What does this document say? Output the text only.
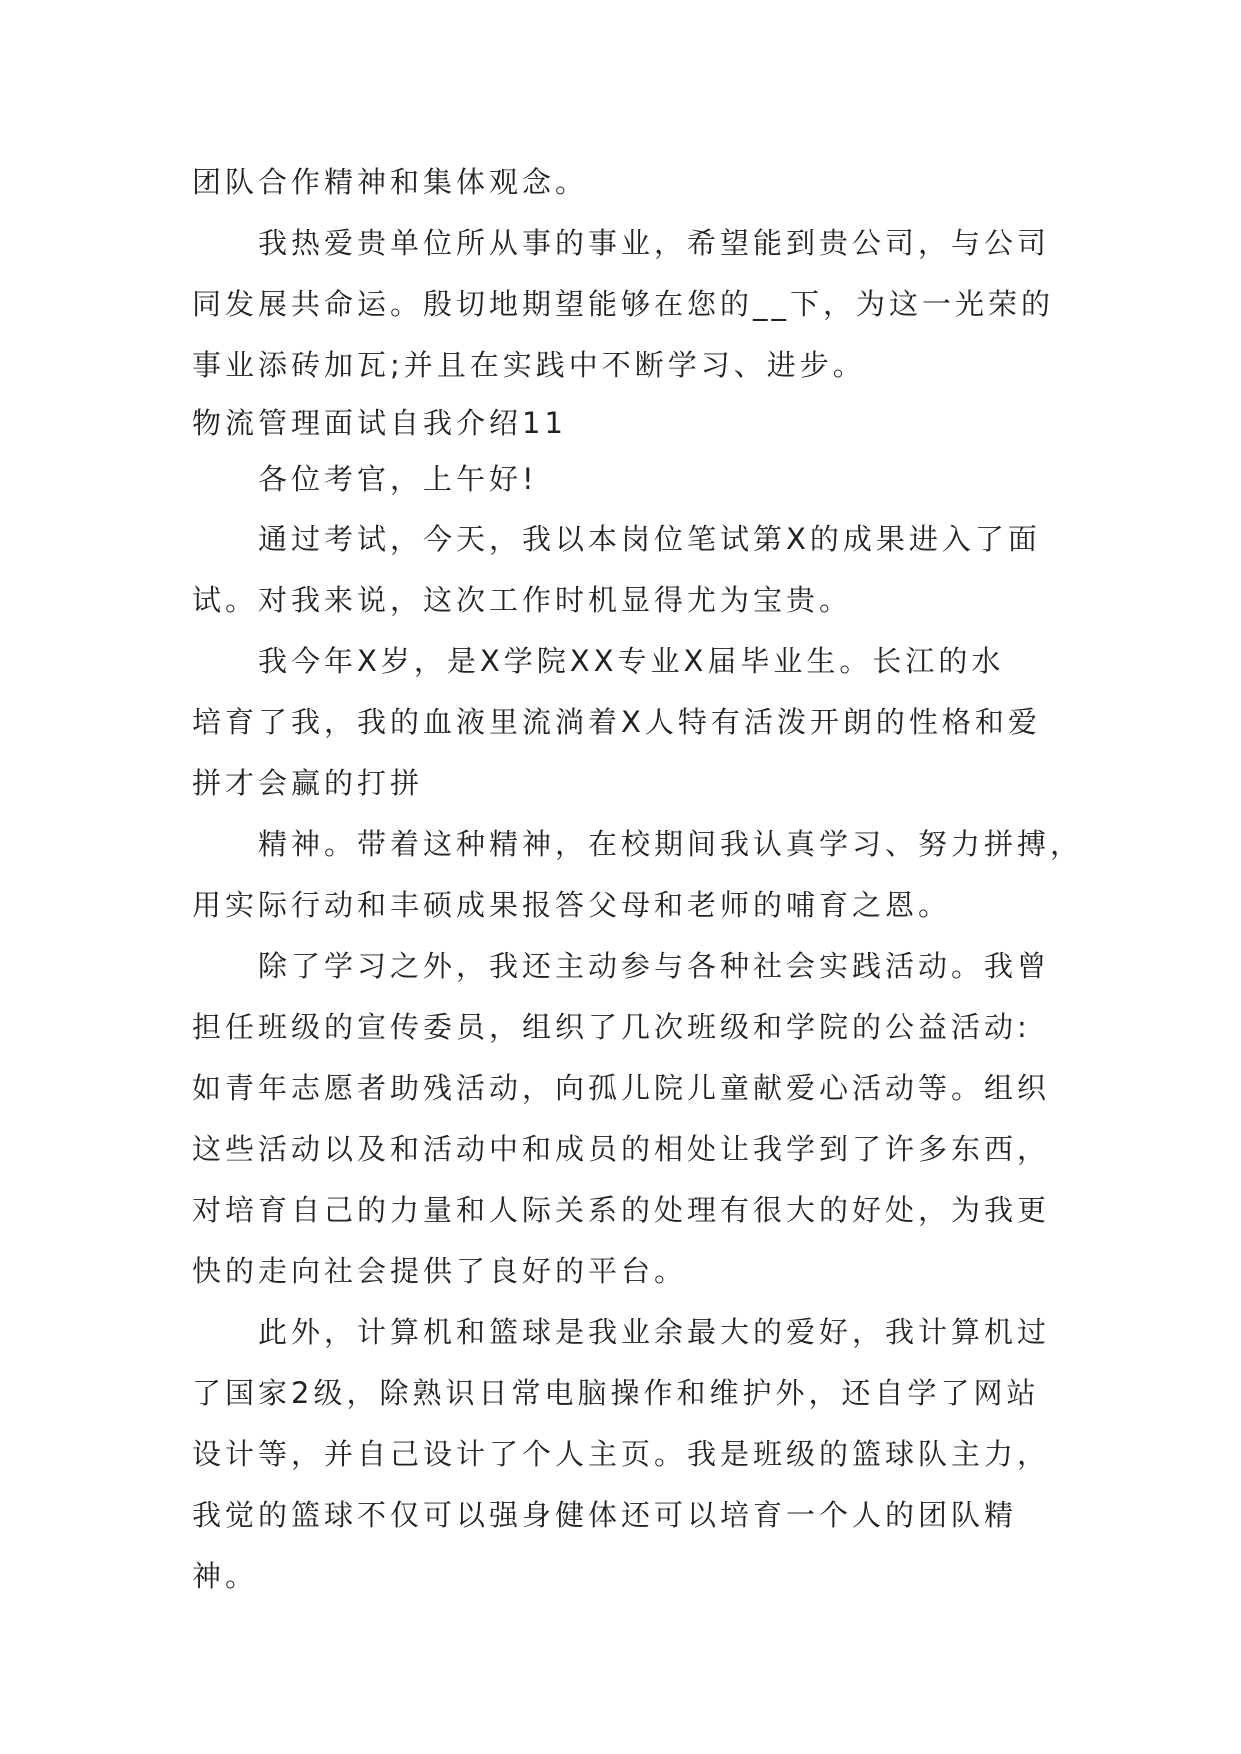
团队合作精神和集体观念。
我热爱贵单位所从事的事业，希望能到贵公司，与公司
同发展共命运。殷切地期望能够在您的__下，为这一光荣的
事业添砖加瓦;并且在实践中不断学习、进步。
物流管理面试自我介绍11
各位考官，上午好!
通过考试，今天，我以本岗位笔试第X的成果进入了面
试。对我来说，这次工作时机显得尤为宝贵。
我今年X岁，是X学院XX专业X届毕业生。长江的水
培育了我，我的血液里流淌着X人特有活泼开朗的性格和爱
拼才会赢的打拼
精神。带着这种精神，在校期间我认真学习、努力拼搏，
用实际行动和丰硕成果报答父母和老师的哺育之恩。
除了学习之外，我还主动参与各种社会实践活动。我曾
担任班级的宣传委员，组织了几次班级和学院的公益活动:
如青年志愿者助残活动，向孤儿院儿童献爱心活动等。组织
这些活动以及和活动中和成员的相处让我学到了许多东西，
对培育自己的力量和人际关系的处理有很大的好处，为我更
快的走向社会提供了良好的平台。
此外，计算机和篮球是我业余最大的爱好，我计算机过
了国家2级，除熟识日常电脑操作和维护外，还自学了网站
设计等，并自己设计了个人主页。我是班级的篮球队主力，
我觉的篮球不仅可以强身健体还可以培育一个人的团队精
神。
